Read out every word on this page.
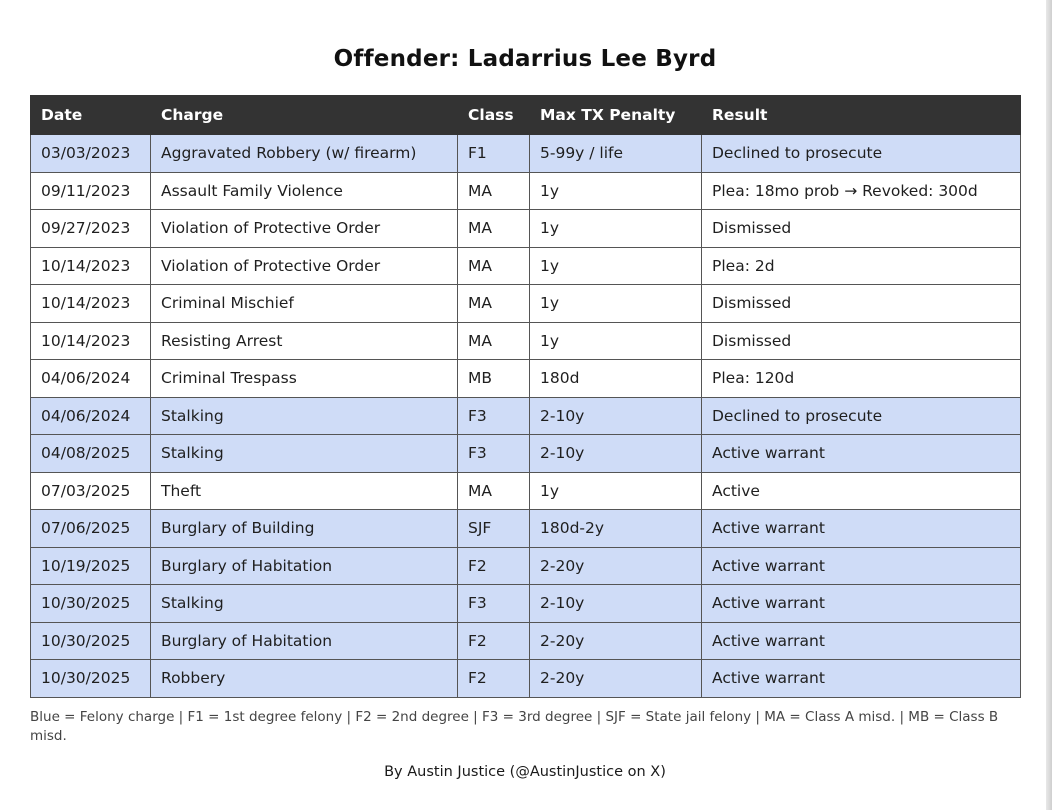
Offender: Ladarrius Lee Byrd
Date	Charge	Class	Max TX Penalty	Result
03/03/2023	Aggravated Robbery (w/ firearm)	F1	5-99y / life	Declined to prosecute
09/11/2023	Assault Family Violence	MA	1y	Plea: 18mo prob → Revoked: 300d
09/27/2023	Violation of Protective Order	MA	1y	Dismissed
10/14/2023	Violation of Protective Order	MA	1y	Plea: 2d
10/14/2023	Criminal Mischief	MA	1y	Dismissed
10/14/2023	Resisting Arrest	MA	1y	Dismissed
04/06/2024	Criminal Trespass	MB	180d	Plea: 120d
04/06/2024	Stalking	F3	2-10y	Declined to prosecute
04/08/2025	Stalking	F3	2-10y	Active warrant
07/03/2025	Theft	MA	1y	Active
07/06/2025	Burglary of Building	SJF	180d-2y	Active warrant
10/19/2025	Burglary of Habitation	F2	2-20y	Active warrant
10/30/2025	Stalking	F3	2-10y	Active warrant
10/30/2025	Burglary of Habitation	F2	2-20y	Active warrant
10/30/2025	Robbery	F2	2-20y	Active warrant
Blue = Felony charge | F1 = 1st degree felony | F2 = 2nd degree | F3 = 3rd degree | SJF = State jail felony | MA = Class A misd. | MB = Class B misd.
By Austin Justice (@AustinJustice on X)
